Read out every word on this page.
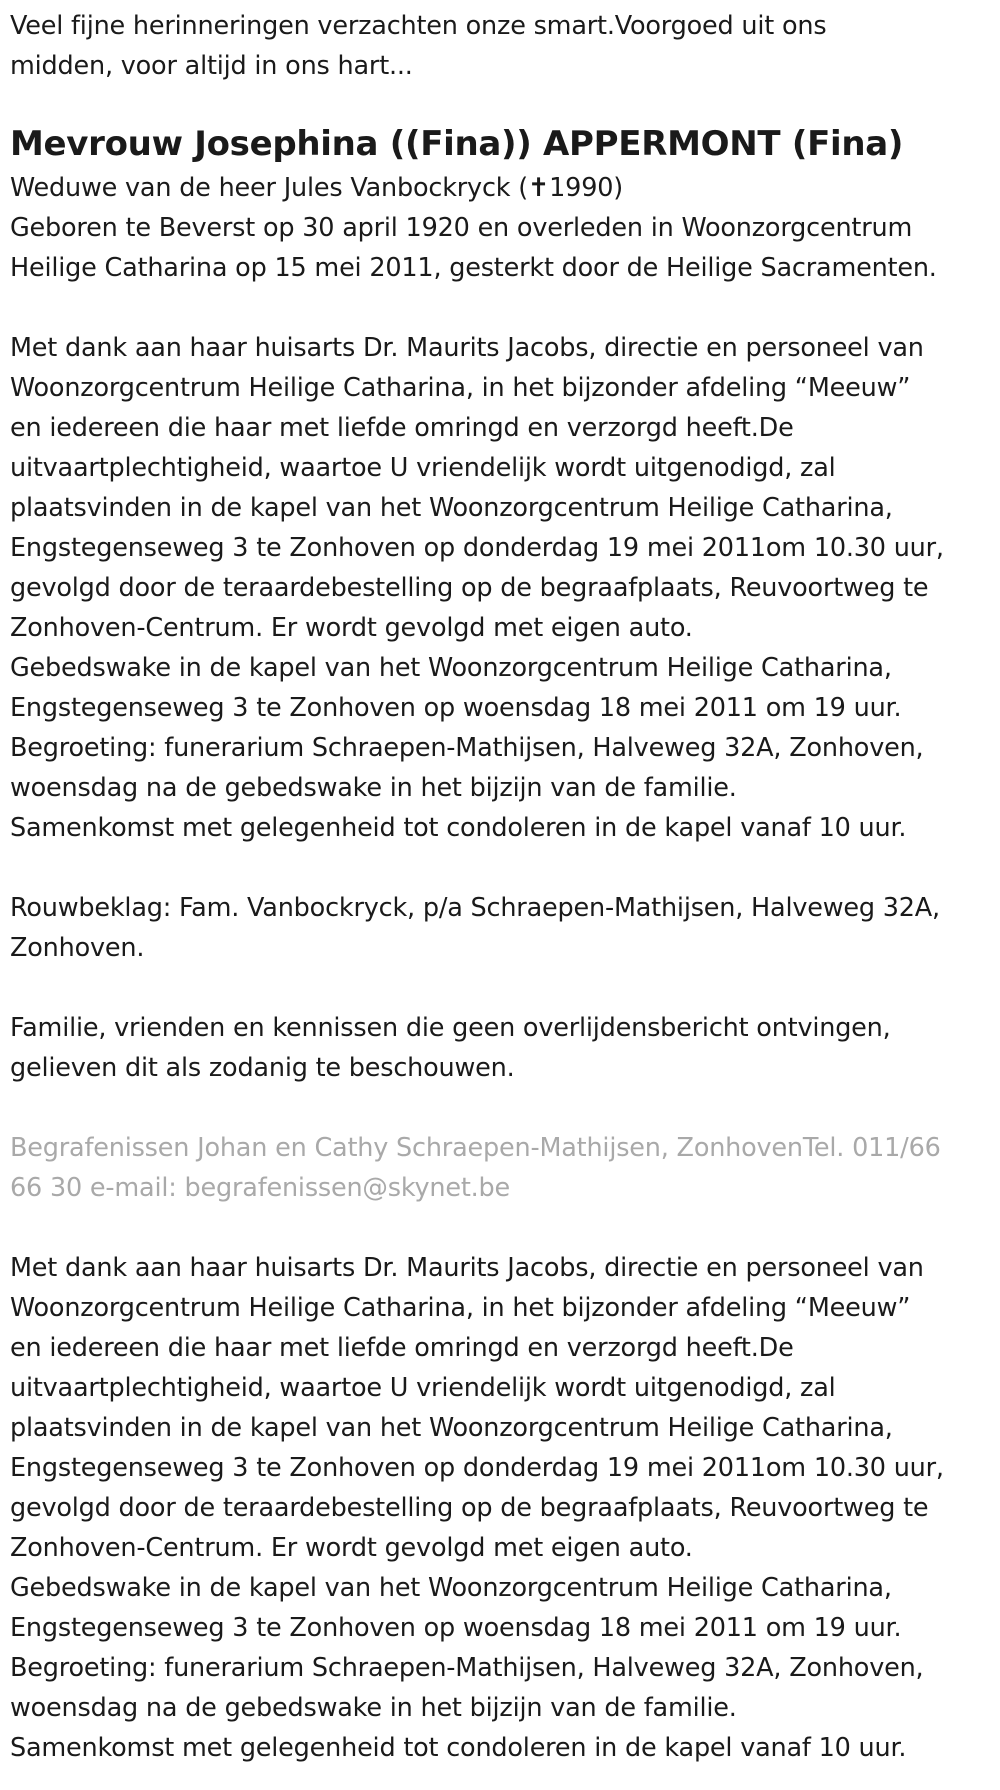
Veel fijne herinneringen verzachten onze smart.Voorgoed uit ons
midden, voor altijd in ons hart...
Mevrouw Josephina ((Fina)) APPERMONT (Fina)
Weduwe van de heer Jules Vanbockryck (✝1990)
Geboren te Beverst op 30 april 1920 en overleden in Woonzorgcentrum
Heilige Catharina op 15 mei 2011, gesterkt door de Heilige Sacramenten.
Met dank aan haar huisarts Dr. Maurits Jacobs, directie en personeel van
Woonzorgcentrum Heilige Catharina, in het bijzonder afdeling “Meeuw”
en iedereen die haar met liefde omringd en verzorgd heeft.De
uitvaartplechtigheid, waartoe U vriendelijk wordt uitgenodigd, zal
plaatsvinden in de kapel van het Woonzorgcentrum Heilige Catharina,
Engstegenseweg 3 te Zonhoven op donderdag 19 mei 2011om 10.30 uur,
gevolgd door de teraardebestelling op de begraafplaats, Reuvoortweg te
Zonhoven-Centrum. Er wordt gevolgd met eigen auto.
Gebedswake in de kapel van het Woonzorgcentrum Heilige Catharina,
Engstegenseweg 3 te Zonhoven op woensdag 18 mei 2011 om 19 uur.
Begroeting: funerarium Schraepen-Mathijsen, Halveweg 32A, Zonhoven,
woensdag na de gebedswake in het bijzijn van de familie.
Samenkomst met gelegenheid tot condoleren in de kapel vanaf 10 uur.
Rouwbeklag: Fam. Vanbockryck, p/a Schraepen-Mathijsen, Halveweg 32A,
Zonhoven.
Familie, vrienden en kennissen die geen overlijdensbericht ontvingen,
gelieven dit als zodanig te beschouwen.
Begrafenissen Johan en Cathy Schraepen-Mathijsen, ZonhovenTel. 011/66
66 30 e-mail: begrafenissen@skynet.be
Met dank aan haar huisarts Dr. Maurits Jacobs, directie en personeel van
Woonzorgcentrum Heilige Catharina, in het bijzonder afdeling “Meeuw”
en iedereen die haar met liefde omringd en verzorgd heeft.De
uitvaartplechtigheid, waartoe U vriendelijk wordt uitgenodigd, zal
plaatsvinden in de kapel van het Woonzorgcentrum Heilige Catharina,
Engstegenseweg 3 te Zonhoven op donderdag 19 mei 2011om 10.30 uur,
gevolgd door de teraardebestelling op de begraafplaats, Reuvoortweg te
Zonhoven-Centrum. Er wordt gevolgd met eigen auto.
Gebedswake in de kapel van het Woonzorgcentrum Heilige Catharina,
Engstegenseweg 3 te Zonhoven op woensdag 18 mei 2011 om 19 uur.
Begroeting: funerarium Schraepen-Mathijsen, Halveweg 32A, Zonhoven,
woensdag na de gebedswake in het bijzijn van de familie.
Samenkomst met gelegenheid tot condoleren in de kapel vanaf 10 uur.
